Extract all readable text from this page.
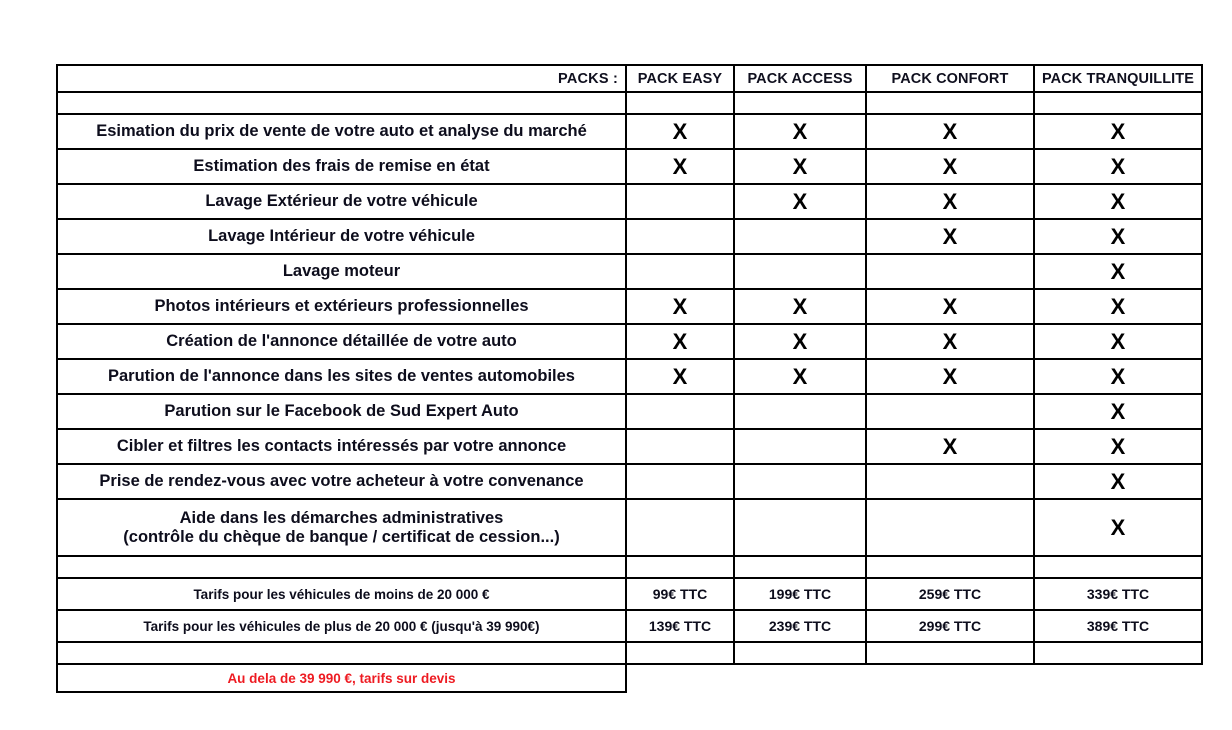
PACKS :	PACK EASY	PACK ACCESS	PACK CONFORT	PACK TRANQUILLITE

Esimation du prix de vente de votre auto et analyse du marché	X	X	X	X
Estimation des frais de remise en état	X	X	X	X
Lavage Extérieur de votre véhicule		X	X	X
Lavage Intérieur de votre véhicule			X	X
Lavage moteur				X
Photos intérieurs et extérieurs professionnelles	X	X	X	X
Création de l'annonce détaillée de votre auto	X	X	X	X
Parution de l'annonce dans les sites de ventes automobiles	X	X	X	X
Parution sur le Facebook de Sud Expert Auto				X
Cibler et filtres les contacts intéressés par votre annonce			X	X
Prise de rendez-vous avec votre acheteur à votre convenance				X
Aide dans les démarches administratives
(contrôle du chèque de banque / certificat de cession...)				X

Tarifs pour les véhicules de moins de 20 000 €	99€ TTC	199€ TTC	259€ TTC	339€ TTC
Tarifs pour les véhicules de plus de 20 000 € (jusqu'à 39 990€)	139€ TTC	239€ TTC	299€ TTC	389€ TTC

Au dela de 39 990 €, tarifs sur devis				
